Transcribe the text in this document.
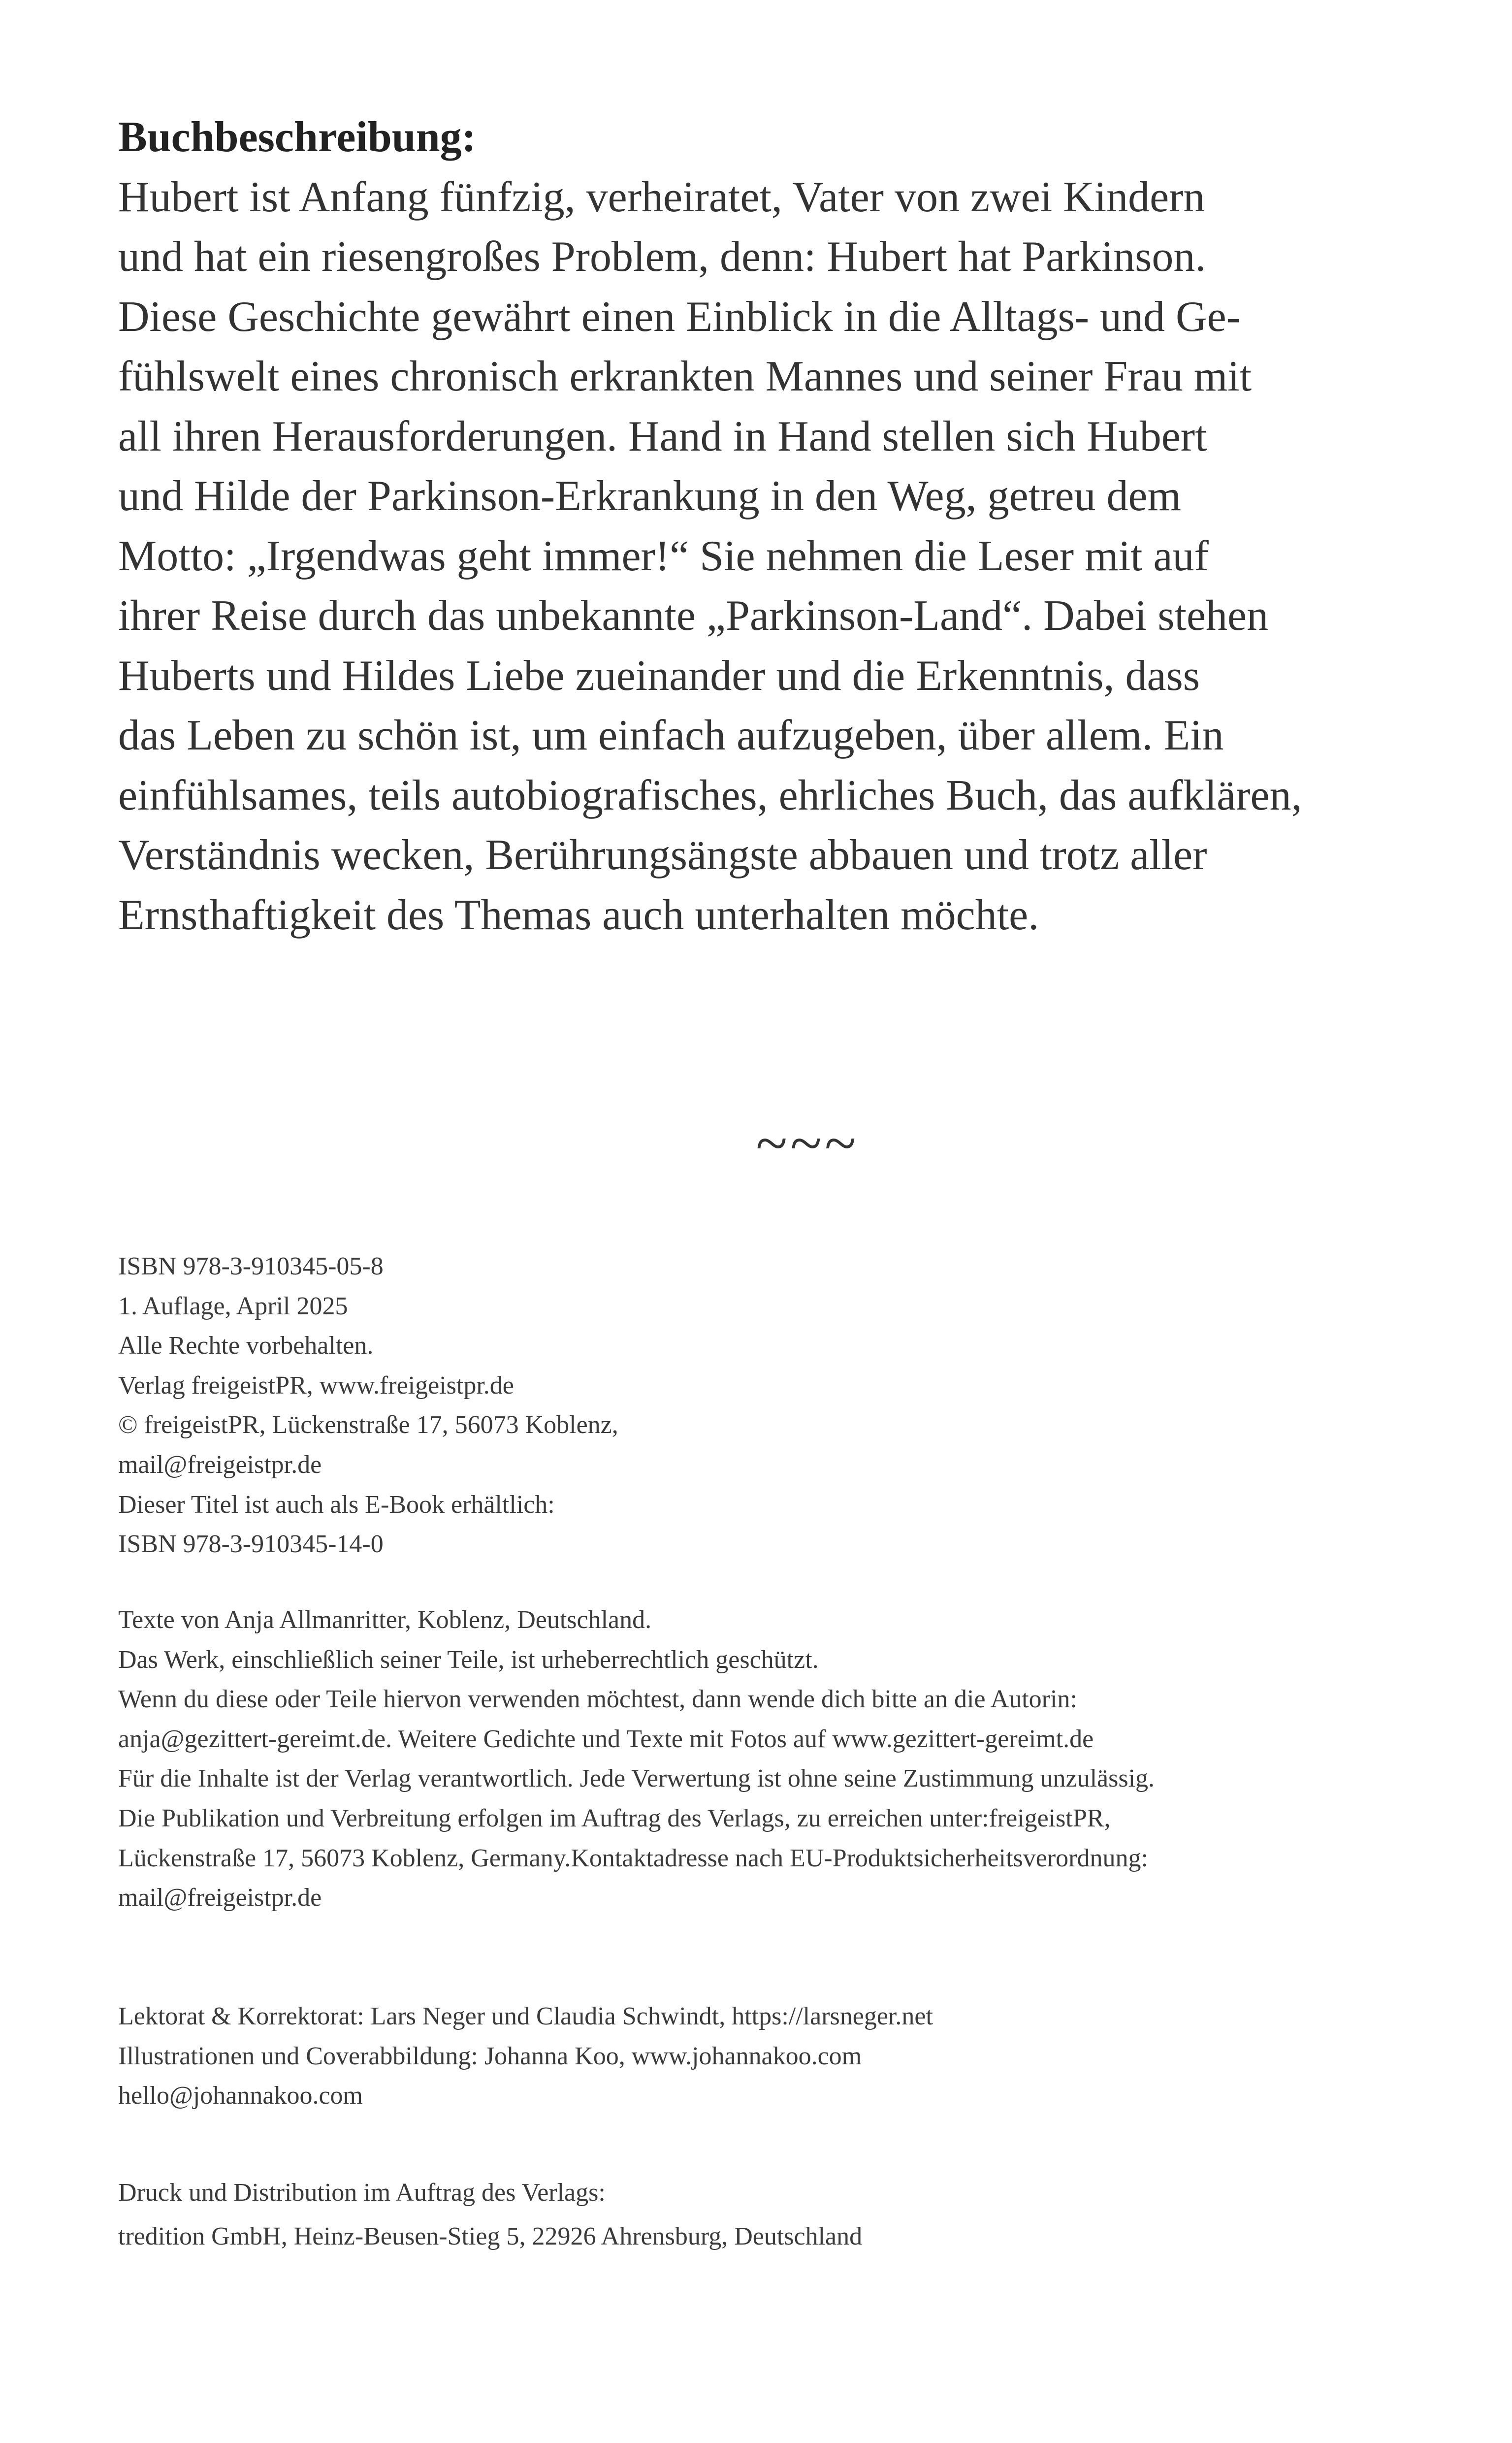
Buchbeschreibung:
Hubert ist Anfang fünfzig, verheiratet, Vater von zwei Kindern
und hat ein riesengroßes Problem, denn: Hubert hat Parkinson.
Diese Geschichte gewährt einen Einblick in die Alltags- und Ge-
fühlswelt eines chronisch erkrankten Mannes und seiner Frau mit
all ihren Herausforderungen. Hand in Hand stellen sich Hubert
und Hilde der Parkinson-Erkrankung in den Weg, getreu dem
Motto: „Irgendwas geht immer!“ Sie nehmen die Leser mit auf
ihrer Reise durch das unbekannte „Parkinson-Land“. Dabei stehen
Huberts und Hildes Liebe zueinander und die Erkenntnis, dass
das Leben zu schön ist, um einfach aufzugeben, über allem. Ein
einfühlsames, teils autobiografisches, ehrliches Buch, das aufklären,
Verständnis wecken, Berührungsängste abbauen und trotz aller
Ernsthaftigkeit des Themas auch unterhalten möchte.
~~~
ISBN 978-3-910345-05-8
1. Auflage, April 2025
Alle Rechte vorbehalten.
Verlag freigeistPR, www.freigeistpr.de
© freigeistPR, Lückenstraße 17, 56073 Koblenz,
mail@freigeistpr.de
Dieser Titel ist auch als E-Book erhältlich:
ISBN 978-3-910345-14-0
Texte von Anja Allmanritter, Koblenz, Deutschland.
Das Werk, einschließlich seiner Teile, ist urheberrechtlich geschützt.
Wenn du diese oder Teile hiervon verwenden möchtest, dann wende dich bitte an die Autorin:
anja@gezittert-gereimt.de. Weitere Gedichte und Texte mit Fotos auf www.gezittert-gereimt.de
Für die Inhalte ist der Verlag verantwortlich. Jede Verwertung ist ohne seine Zustimmung unzulässig.
Die Publikation und Verbreitung erfolgen im Auftrag des Verlags, zu erreichen unter:freigeistPR,
Lückenstraße 17, 56073 Koblenz, Germany.Kontaktadresse nach EU-Produktsicherheitsverordnung:
mail@freigeistpr.de
Lektorat & Korrektorat: Lars Neger und Claudia Schwindt, https://larsneger.net
Illustrationen und Coverabbildung: Johanna Koo, www.johannakoo.com
hello@johannakoo.com
Druck und Distribution im Auftrag des Verlags:
tredition GmbH, Heinz-Beusen-Stieg 5, 22926 Ahrensburg, Deutschland
